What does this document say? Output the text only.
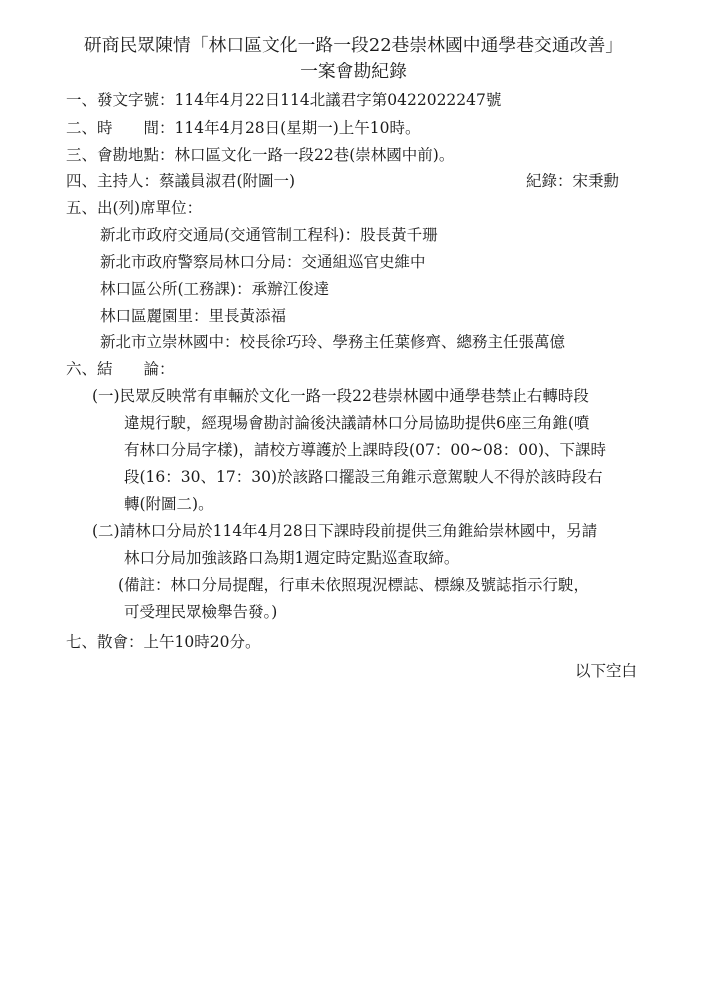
研商民眾陳情「林口區文化一路一段22巷崇林國中通學巷交通改善」
一案會勘紀錄
一、發文字號：114年4月22日114北議君字第0422022247號
二、時　　間：114年4月28日(星期一)上午10時。
三、會勘地點：林口區文化一路一段22巷(崇林國中前)。
四、主持人：蔡議員淑君(附圖一)	紀錄：宋秉勳
五、出(列)席單位：
新北市政府交通局(交通管制工程科)：股長黃千珊
新北市政府警察局林口分局：交通組巡官史維中
林口區公所(工務課)：承辦江俊達
林口區麗園里：里長黃添福
新北市立崇林國中：校長徐巧玲、學務主任葉修齊、總務主任張萬億
六、結　　論：
(一)民眾反映常有車輛於文化一路一段22巷崇林國中通學巷禁止右轉時段
違規行駛，經現場會勘討論後決議請林口分局協助提供6座三角錐(噴
有林口分局字樣)，請校方導護於上課時段(07：00~08：00)、下課時
段(16：30、17：30)於該路口擺設三角錐示意駕駛人不得於該時段右
轉(附圖二)。
(二)請林口分局於114年4月28日下課時段前提供三角錐給崇林國中，另請
林口分局加強該路口為期1週定時定點巡查取締。
(備註：林口分局提醒，行車未依照現況標誌、標線及號誌指示行駛，
可受理民眾檢舉告發。)
七、散會：上午10時20分。
以下空白
